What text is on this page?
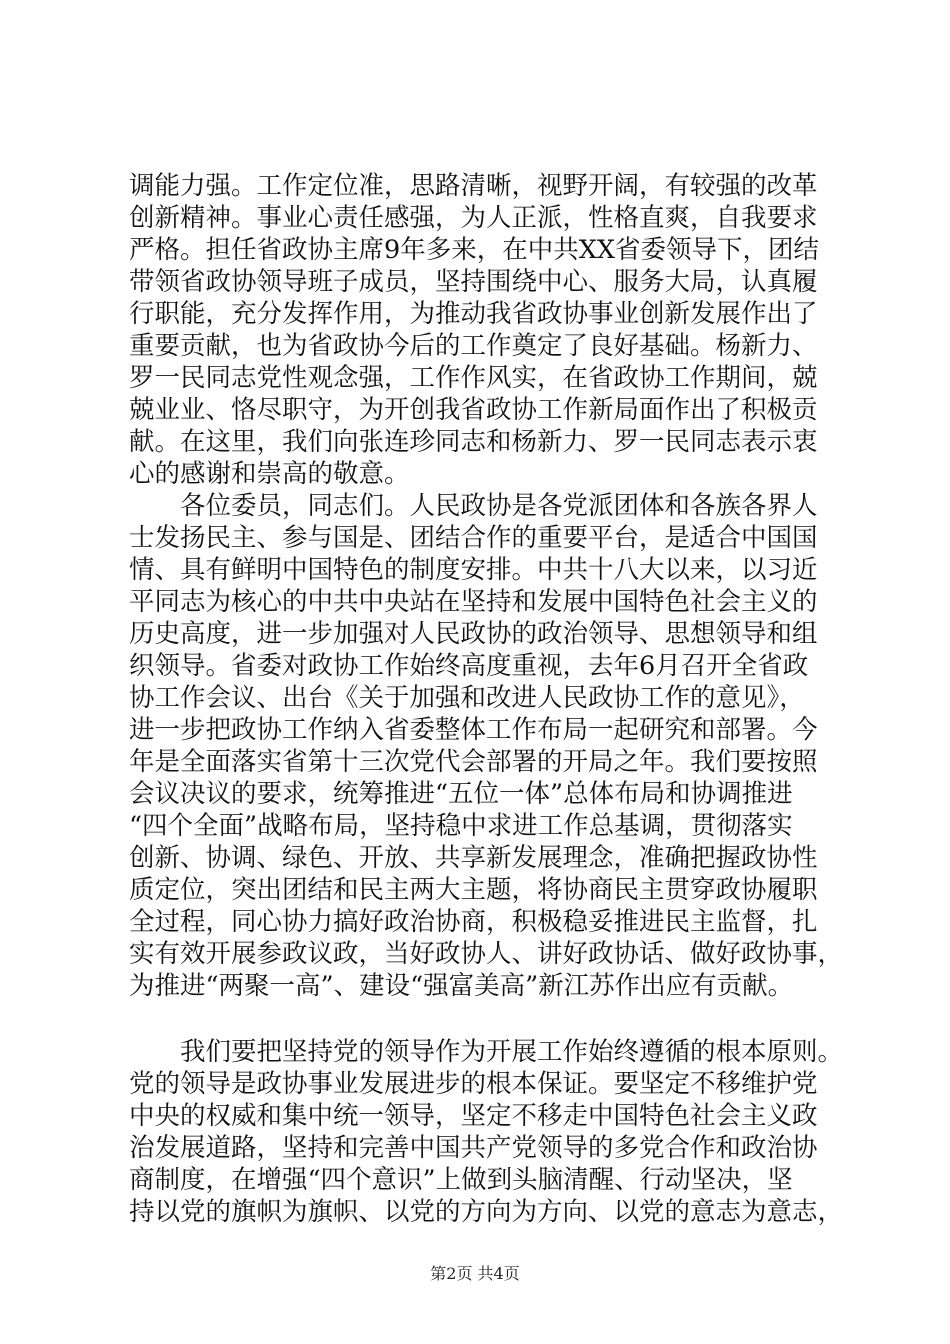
调能力强。工作定位准，思路清晰，视野开阔，有较强的改革
创新精神。事业心责任感强，为人正派，性格直爽，自我要求
严格。担任省政协主席9年多来，在中共XX省委领导下，团结
带领省政协领导班子成员，坚持围绕中心、服务大局，认真履
行职能，充分发挥作用，为推动我省政协事业创新发展作出了
重要贡献，也为省政协今后的工作奠定了良好基础。杨新力、
罗一民同志党性观念强，工作作风实，在省政协工作期间，兢
兢业业、恪尽职守，为开创我省政协工作新局面作出了积极贡
献。在这里，我们向张连珍同志和杨新力、罗一民同志表示衷
心的感谢和崇高的敬意。
　　各位委员，同志们。人民政协是各党派团体和各族各界人
士发扬民主、参与国是、团结合作的重要平台，是适合中国国
情、具有鲜明中国特色的制度安排。中共十八大以来，以习近
平同志为核心的中共中央站在坚持和发展中国特色社会主义的
历史高度，进一步加强对人民政协的政治领导、思想领导和组
织领导。省委对政协工作始终高度重视，去年6月召开全省政
协工作会议、出台《关于加强和改进人民政协工作的意见》，
进一步把政协工作纳入省委整体工作布局一起研究和部署。今
年是全面落实省第十三次党代会部署的开局之年。我们要按照
会议决议的要求，统筹推进“五位一体”总体布局和协调推进
“四个全面”战略布局，坚持稳中求进工作总基调，贯彻落实
创新、协调、绿色、开放、共享新发展理念，准确把握政协性
质定位，突出团结和民主两大主题，将协商民主贯穿政协履职
全过程，同心协力搞好政治协商，积极稳妥推进民主监督，扎
实有效开展参政议政，当好政协人、讲好政协话、做好政协事，
为推进“两聚一高”、建设“强富美高”新江苏作出应有贡献。
　　我们要把坚持党的领导作为开展工作始终遵循的根本原则。
党的领导是政协事业发展进步的根本保证。要坚定不移维护党
中央的权威和集中统一领导，坚定不移走中国特色社会主义政
治发展道路，坚持和完善中国共产党领导的多党合作和政治协
商制度，在增强“四个意识”上做到头脑清醒、行动坚决，坚
持以党的旗帜为旗帜、以党的方向为方向、以党的意志为意志，
第2页 共4页
